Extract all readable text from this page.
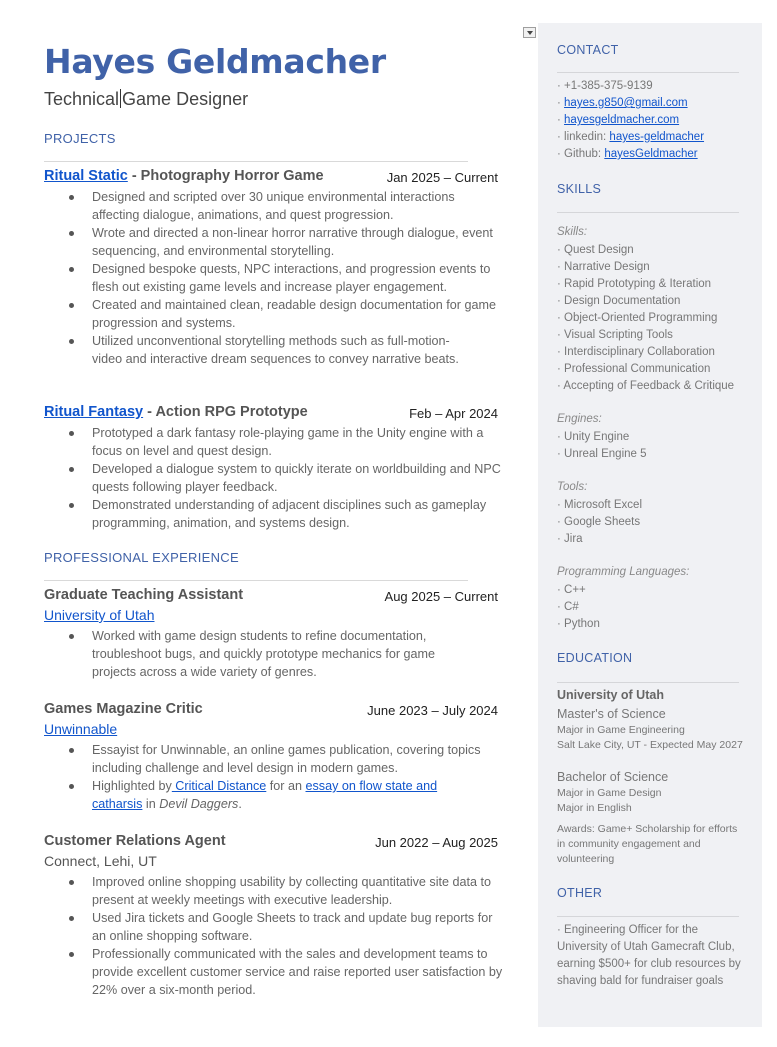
Hayes Geldmacher
Technical Game Designer
PROJECTS
Ritual Static - Photography Horror Game	Jan 2025 – Current
Designed and scripted over 30 unique environmental interactions affecting dialogue, animations, and quest progression.
Wrote and directed a non-linear horror narrative through dialogue, event sequencing, and environmental storytelling.
Designed bespoke quests, NPC interactions, and progression events to flesh out existing game levels and increase player engagement.
Created and maintained clean, readable design documentation for game progression and systems.
Utilized unconventional storytelling methods such as full-motion-video and interactive dream sequences to convey narrative beats.
Ritual Fantasy - Action RPG Prototype	Feb – Apr 2024
Prototyped a dark fantasy role-playing game in the Unity engine with a focus on level and quest design.
Developed a dialogue system to quickly iterate on worldbuilding and NPC quests following player feedback.
Demonstrated understanding of adjacent disciplines such as gameplay programming, animation, and systems design.
PROFESSIONAL EXPERIENCE
Graduate Teaching Assistant	Aug 2025 – Current
University of Utah
Worked with game design students to refine documentation, troubleshoot bugs, and quickly prototype mechanics for game projects across a wide variety of genres.
Games Magazine Critic	June 2023 – July 2024
Unwinnable
Essayist for Unwinnable, an online games publication, covering topics including challenge and level design in modern games.
Highlighted by Critical Distance for an essay on flow state and catharsis in Devil Daggers.
Customer Relations Agent	Jun 2022 – Aug 2025
Connect, Lehi, UT
Improved online shopping usability by collecting quantitative site data to present at weekly meetings with executive leadership.
Used Jira tickets and Google Sheets to track and update bug reports for an online shopping software.
Professionally communicated with the sales and development teams to provide excellent customer service and raise reported user satisfaction by 22% over a six-month period.
CONTACT
· +1-385-375-9139
· hayes.g850@gmail.com
· hayesgeldmacher.com
· linkedin: hayes-geldmacher
· Github: hayesGeldmacher
SKILLS
Skills:
· Quest Design
· Narrative Design
· Rapid Prototyping & Iteration
· Design Documentation
· Object-Oriented Programming
· Visual Scripting Tools
· Interdisciplinary Collaboration
· Professional Communication
· Accepting of Feedback & Critique
Engines:
· Unity Engine
· Unreal Engine 5
Tools:
· Microsoft Excel
· Google Sheets
· Jira
Programming Languages:
· C++
· C#
· Python
EDUCATION
University of Utah
Master's of Science
Major in Game Engineering
Salt Lake City, UT - Expected May 2027
Bachelor of Science
Major in Game Design
Major in English
Awards: Game+ Scholarship for efforts in community engagement and volunteering
OTHER
· Engineering Officer for the University of Utah Gamecraft Club, earning $500+ for club resources by shaving bald for fundraiser goals
